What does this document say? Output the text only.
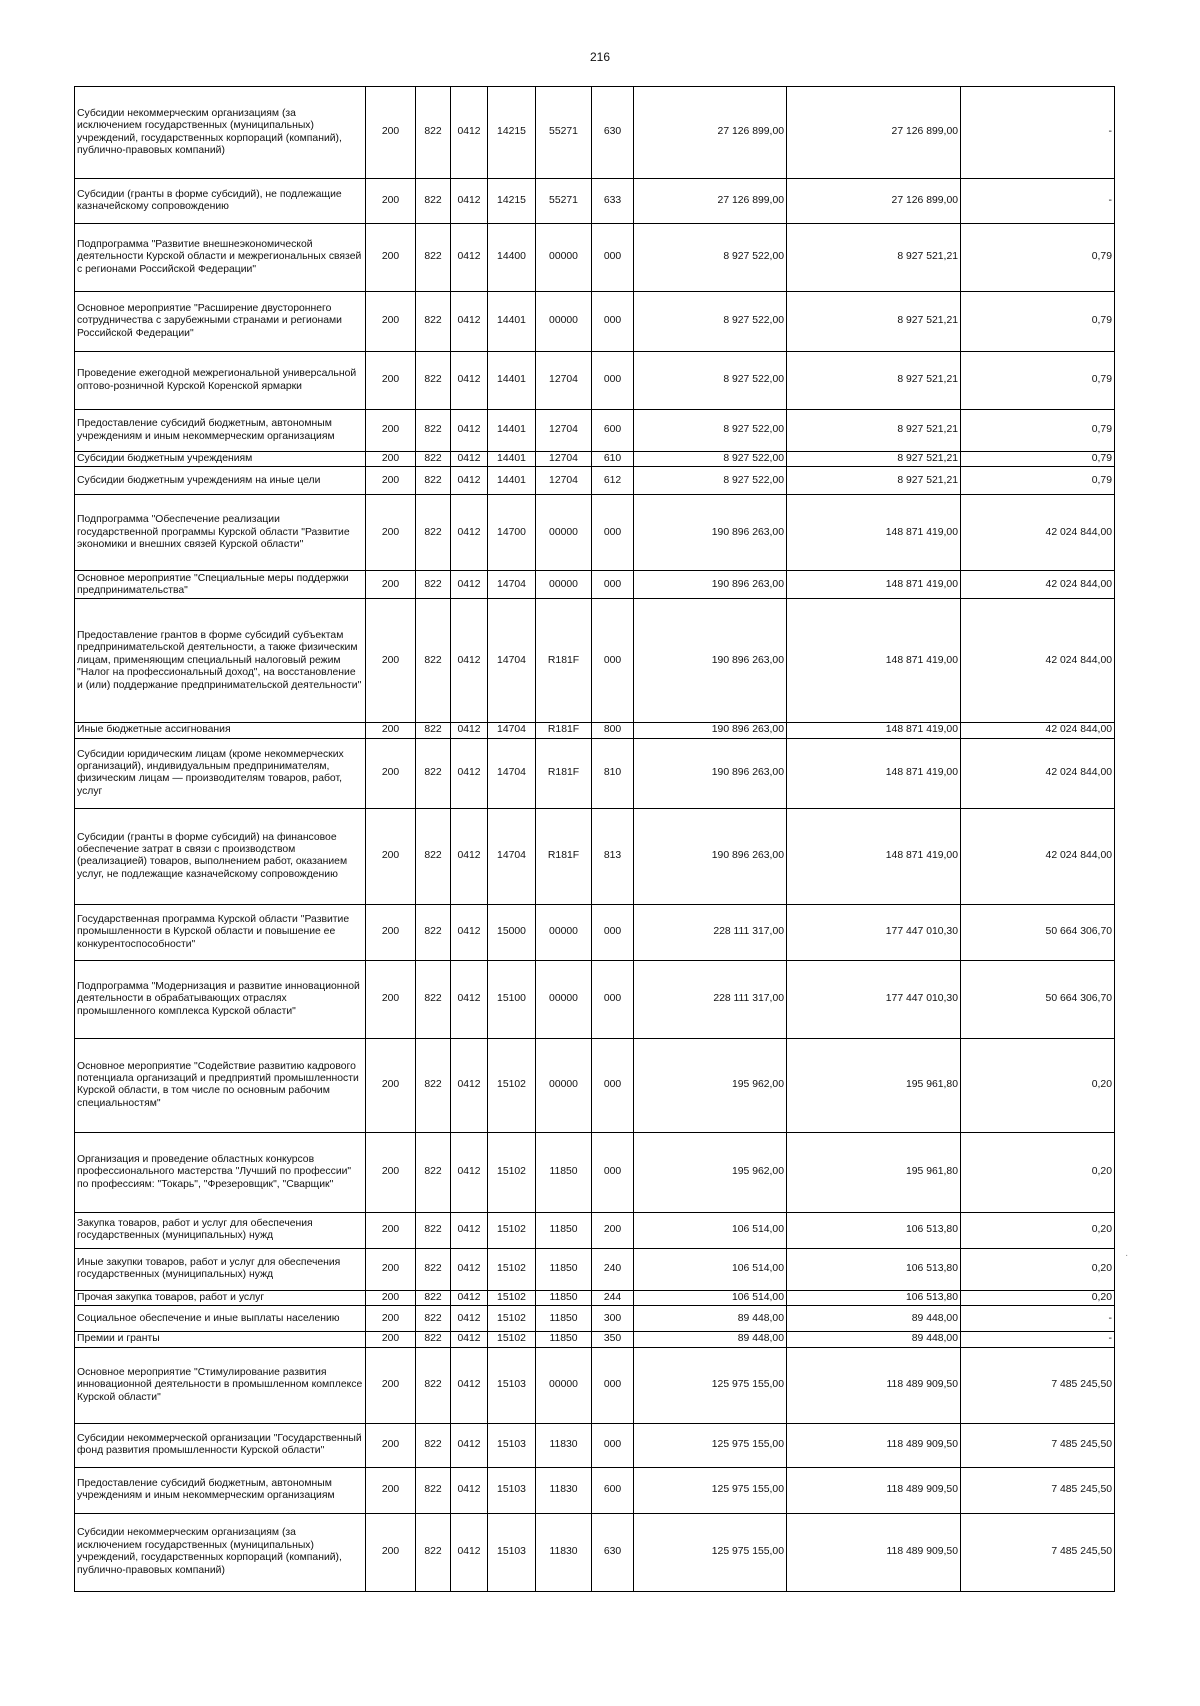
216
Субсидии некоммерческим организациям (за исключением государственных (муниципальных) учреждений, государственных корпораций (компаний), публично-правовых компаний)	200	822	0412	14215	55271	630	27 126 899,00	27 126 899,00	-
Субсидии (гранты в форме субсидий), не подлежащие казначейскому сопровождению	200	822	0412	14215	55271	633	27 126 899,00	27 126 899,00	-
Подпрограмма "Развитие внешнеэкономической деятельности Курской области и межрегиональных связей с регионами Российской Федерации"	200	822	0412	14400	00000	000	8 927 522,00	8 927 521,21	0,79
Основное мероприятие "Расширение двустороннего сотрудничества с зарубежными странами и регионами Российской Федерации"	200	822	0412	14401	00000	000	8 927 522,00	8 927 521,21	0,79
Проведение ежегодной межрегиональной универсальной оптово-розничной Курской Коренской ярмарки	200	822	0412	14401	12704	000	8 927 522,00	8 927 521,21	0,79
Предоставление субсидий бюджетным, автономным учреждениям и иным некоммерческим организациям	200	822	0412	14401	12704	600	8 927 522,00	8 927 521,21	0,79
Субсидии бюджетным учреждениям	200	822	0412	14401	12704	610	8 927 522,00	8 927 521,21	0,79
Субсидии бюджетным учреждениям на иные цели	200	822	0412	14401	12704	612	8 927 522,00	8 927 521,21	0,79
Подпрограмма "Обеспечение реализации государственной программы Курской области "Развитие экономики и внешних связей Курской области"	200	822	0412	14700	00000	000	190 896 263,00	148 871 419,00	42 024 844,00
Основное мероприятие "Специальные меры поддержки предпринимательства"	200	822	0412	14704	00000	000	190 896 263,00	148 871 419,00	42 024 844,00
Предоставление грантов в форме субсидий субъектам предпринимательской деятельности, а также физическим лицам, применяющим специальный налоговый режим "Налог на профессиональный доход", на восстановление и (или) поддержание предпринимательской деятельности"	200	822	0412	14704	R181F	000	190 896 263,00	148 871 419,00	42 024 844,00
Иные бюджетные ассигнования	200	822	0412	14704	R181F	800	190 896 263,00	148 871 419,00	42 024 844,00
Субсидии юридическим лицам (кроме некоммерческих организаций), индивидуальным предпринимателям, физическим лицам — производителям товаров, работ, услуг	200	822	0412	14704	R181F	810	190 896 263,00	148 871 419,00	42 024 844,00
Субсидии (гранты в форме субсидий) на финансовое обеспечение затрат в связи с производством (реализацией) товаров, выполнением работ, оказанием услуг, не подлежащие казначейскому сопровождению	200	822	0412	14704	R181F	813	190 896 263,00	148 871 419,00	42 024 844,00
Государственная программа Курской области "Развитие промышленности в Курской области и повышение ее конкурентоспособности"	200	822	0412	15000	00000	000	228 111 317,00	177 447 010,30	50 664 306,70
Подпрограмма "Модернизация и развитие инновационной деятельности в обрабатывающих отраслях промышленного комплекса Курской области"	200	822	0412	15100	00000	000	228 111 317,00	177 447 010,30	50 664 306,70
Основное мероприятие "Содействие развитию кадрового потенциала организаций и предприятий промышленности Курской области, в том числе по основным рабочим специальностям"	200	822	0412	15102	00000	000	195 962,00	195 961,80	0,20
Организация и проведение областных конкурсов профессионального мастерства "Лучший по профессии" по профессиям: "Токарь", "Фрезеровщик", "Сварщик"	200	822	0412	15102	11850	000	195 962,00	195 961,80	0,20
Закупка товаров, работ и услуг для обеспечения государственных (муниципальных) нужд	200	822	0412	15102	11850	200	106 514,00	106 513,80	0,20
Иные закупки товаров, работ и услуг для обеспечения государственных (муниципальных) нужд	200	822	0412	15102	11850	240	106 514,00	106 513,80	0,20
Прочая закупка товаров, работ и услуг	200	822	0412	15102	11850	244	106 514,00	106 513,80	0,20
Социальное обеспечение и иные выплаты населению	200	822	0412	15102	11850	300	89 448,00	89 448,00	-
Премии и гранты	200	822	0412	15102	11850	350	89 448,00	89 448,00	-
Основное мероприятие "Стимулирование развития инновационной деятельности в промышленном комплексе Курской области"	200	822	0412	15103	00000	000	125 975 155,00	118 489 909,50	7 485 245,50
Субсидии некоммерческой организации "Государственный фонд развития промышленности Курской области"	200	822	0412	15103	11830	000	125 975 155,00	118 489 909,50	7 485 245,50
Предоставление субсидий бюджетным, автономным учреждениям и иным некоммерческим организациям	200	822	0412	15103	11830	600	125 975 155,00	118 489 909,50	7 485 245,50
Субсидии некоммерческим организациям (за исключением государственных (муниципальных) учреждений, государственных корпораций (компаний), публично-правовых компаний)	200	822	0412	15103	11830	630	125 975 155,00	118 489 909,50	7 485 245,50
·
